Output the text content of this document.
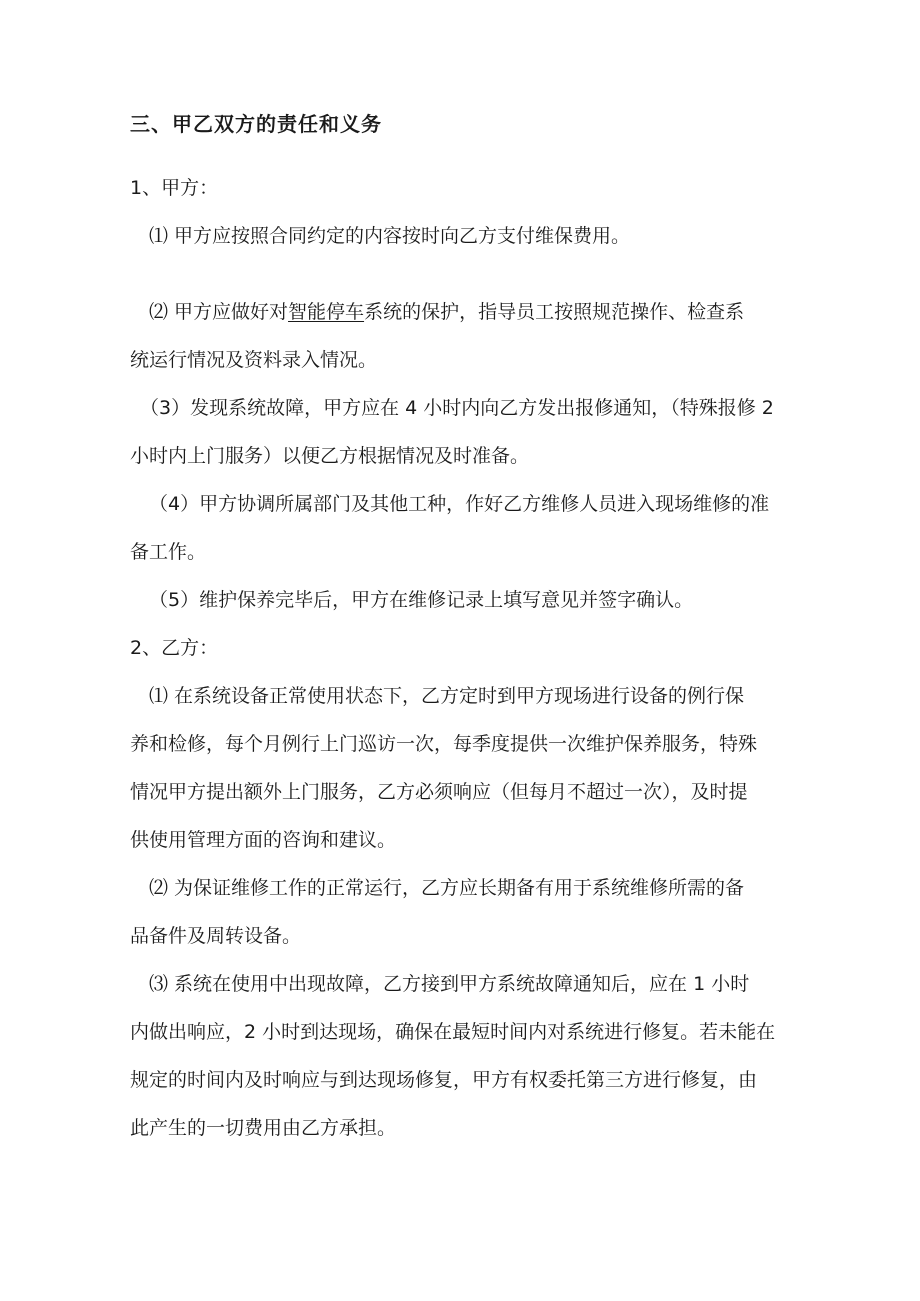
三、甲乙双方的责任和义务
1、甲方：
⑴ 甲方应按照合同约定的内容按时向乙方支付维保费用。
⑵ 甲方应做好对智能停车系统的保护，指导员工按照规范操作、检查系
统运行情况及资料录入情况。
（3）发现系统故障，甲方应在 4 小时内向乙方发出报修通知，（特殊报修 2
小时内上门服务）以便乙方根据情况及时准备。
（4）甲方协调所属部门及其他工种，作好乙方维修人员进入现场维修的准
备工作。
（5）维护保养完毕后，甲方在维修记录上填写意见并签字确认。
2、乙方：
⑴ 在系统设备正常使用状态下，乙方定时到甲方现场进行设备的例行保
养和检修，每个月例行上门巡访一次，每季度提供一次维护保养服务，特殊
情况甲方提出额外上门服务，乙方必须响应（但每月不超过一次），及时提
供使用管理方面的咨询和建议。
⑵ 为保证维修工作的正常运行，乙方应长期备有用于系统维修所需的备
品备件及周转设备。
⑶ 系统在使用中出现故障，乙方接到甲方系统故障通知后，应在 1 小时
内做出响应，2 小时到达现场，确保在最短时间内对系统进行修复。若未能在
规定的时间内及时响应与到达现场修复，甲方有权委托第三方进行修复，由
此产生的一切费用由乙方承担。
